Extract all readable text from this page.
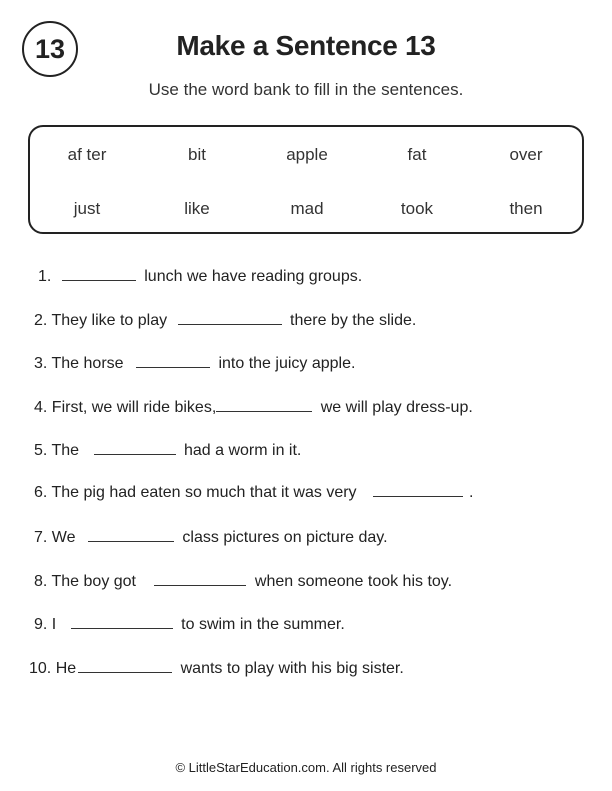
13	Make a Sentence 13
Use the word bank to fill in the sentences.
af ter	bit	apple	fat	over
just	like	mad	took	then
1.	lunch we have reading groups.
2. They like to play	there by the slide.
3. The horse	into the juicy apple.
4. First, we will ride bikes,	we will play dress-up.
5. The	had a worm in it.
6. The pig had eaten so much that it was very	.
7. We	class pictures on picture day.
8. The boy got	when someone took his toy.
9. I	to swim in the summer.
10. He	wants to play with his big sister.
© LittleStarEducation.com. All rights reserved
